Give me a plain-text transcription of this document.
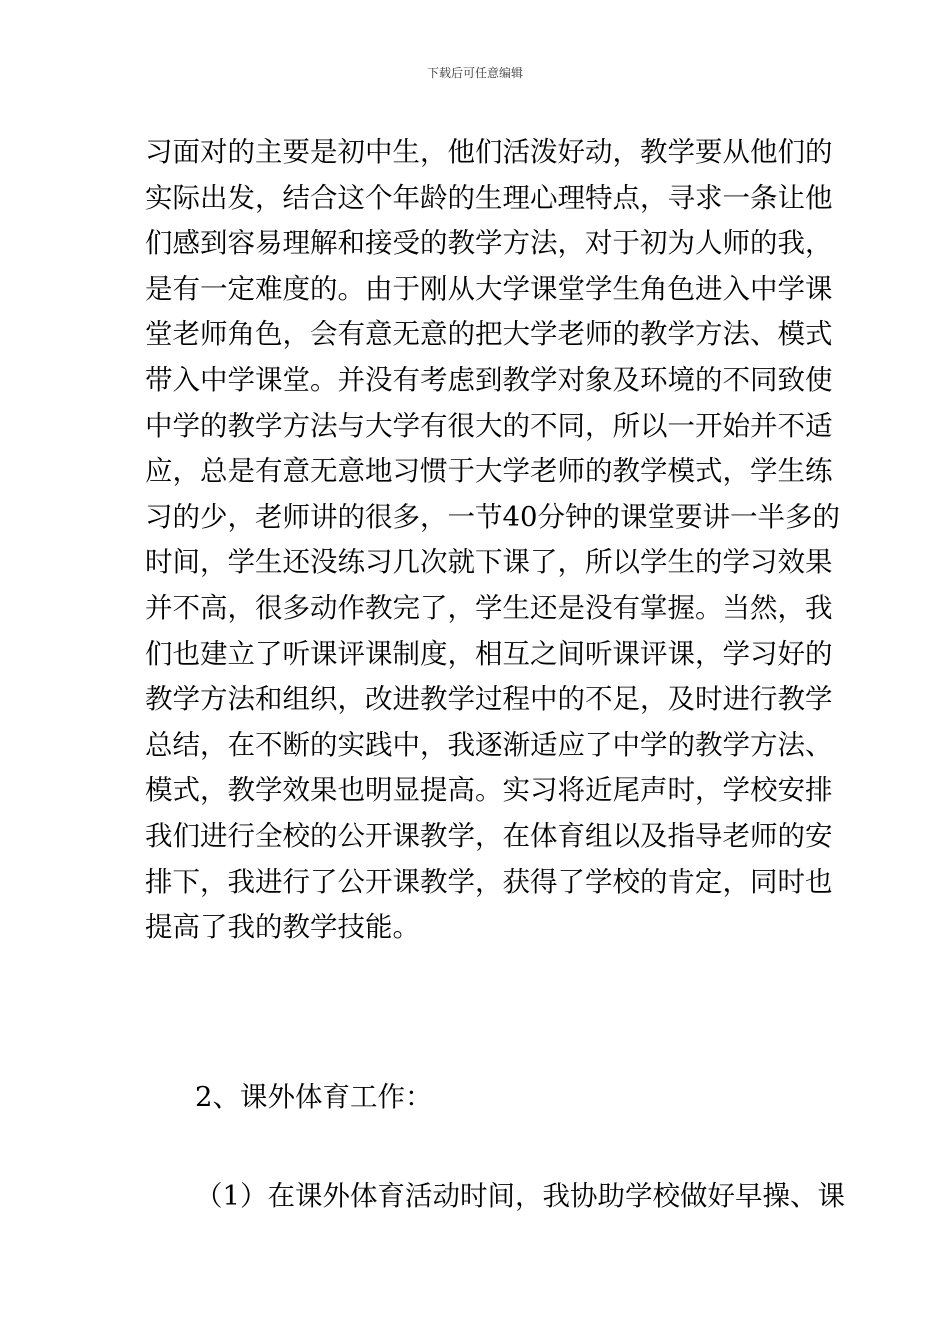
下载后可任意编辑
习面对的主要是初中生，他们活泼好动，教学要从他们的
实际出发，结合这个年龄的生理心理特点，寻求一条让他
们感到容易理解和接受的教学方法，对于初为人师的我，
是有一定难度的。由于刚从大学课堂学生角色进入中学课
堂老师角色，会有意无意的把大学老师的教学方法、模式
带入中学课堂。并没有考虑到教学对象及环境的不同致使
中学的教学方法与大学有很大的不同，所以一开始并不适
应，总是有意无意地习惯于大学老师的教学模式，学生练
习的少，老师讲的很多，一节40分钟的课堂要讲一半多的
时间，学生还没练习几次就下课了，所以学生的学习效果
并不高，很多动作教完了，学生还是没有掌握。当然，我
们也建立了听课评课制度，相互之间听课评课，学习好的
教学方法和组织，改进教学过程中的不足，及时进行教学
总结，在不断的实践中，我逐渐适应了中学的教学方法、
模式，教学效果也明显提高。实习将近尾声时，学校安排
我们进行全校的公开课教学，在体育组以及指导老师的安
排下，我进行了公开课教学，获得了学校的肯定，同时也
提高了我的教学技能。
2、课外体育工作：
（1）在课外体育活动时间，我协助学校做好早操、课
